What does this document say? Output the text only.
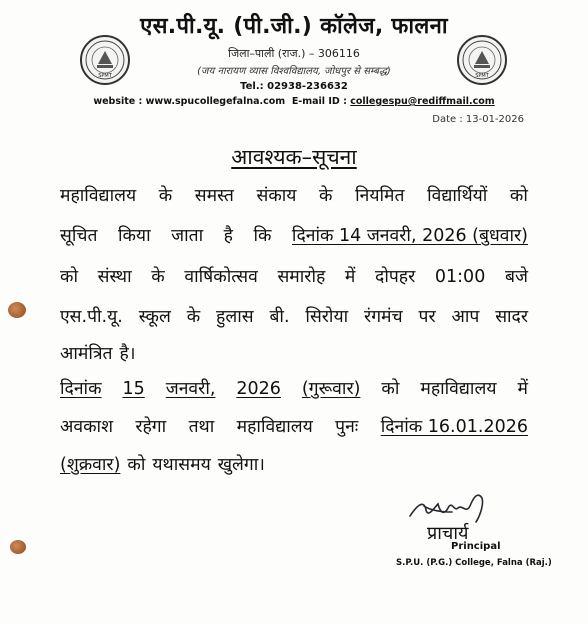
SPMT	SPMT
एस.पी.यू. (पी.जी.) कॉलेज, फालना
जिला–पाली (राज.) – 306116
(जय नारायण व्यास विश्वविद्यालय, जोधपुर से सम्बद्ध)
Tel.: 02938-236632
website : www.spucollegefalna.com E-mail ID : collegespu@rediffmail.com
Date : 13-01-2026
आवश्यक–सूचना
महाविद्यालय के समस्त संकाय के नियमित विद्यार्थियों को
सूचित किया जाता है कि दिनांक 14 जनवरी, 2026 (बुधवार)
को संस्था के वार्षिकोत्सव समारोह में दोपहर 01:00 बजे
एस.पी.यू. स्कूल के हुलास बी. सिरोया रंगमंच पर आप सादर
आमंत्रित है।
दिनांक 15 जनवरी, 2026 (गुरूवार) को महाविद्यालय में
अवकाश रहेगा तथा महाविद्यालय पुनः दिनांक 16.01.2026
(शुक्रवार) को यथासमय खुलेगा।
प्राचार्य
Principal
S.P.U. (P.G.) College, Falna (Raj.)
